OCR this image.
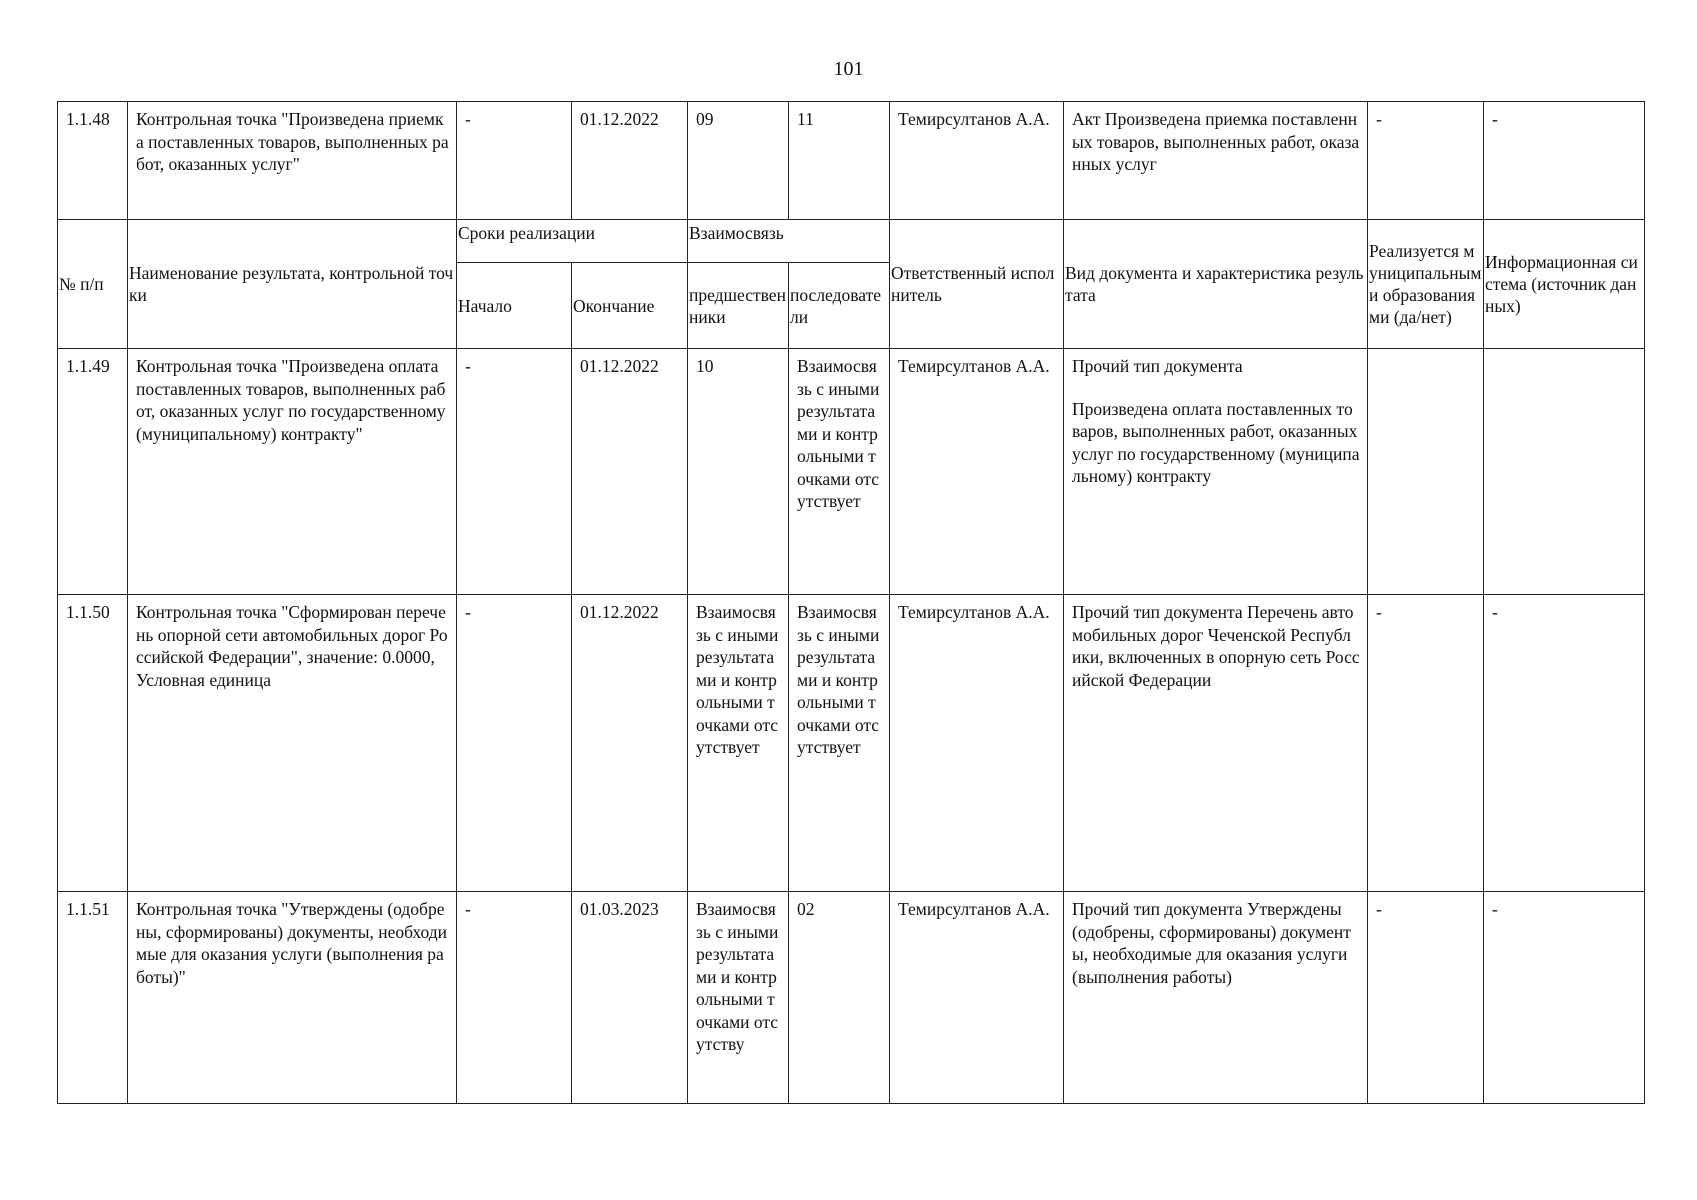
101
1.1.48	Контрольная точка "Произведена приемка поставленных товаров, выполненных работ, оказанных услуг"	-	01.12.2022	09	11	Темирсултанов А.А.	Акт Произведена приемка поставленных товаров, выполненных работ, оказанных услуг	-	-
№ п/п	Наименование результата, контрольной точки	Сроки реализации		Взаимосвязь		Ответственный исполнитель	Вид документа и характеристика результата	Реализуется муниципальными образованиями (да/нет)	Информационная система (источник данных)
		Начало	Окончание	предшественники	последователи				
1.1.49	Контрольная точка "Произведена оплата поставленных товаров, выполненных работ, оказанных услуг по государственному (муниципальному) контракту"	-	01.12.2022	10	Взаимосвязь с иными результатами и контрольными точками отсутствует	Темирсултанов А.А.	Прочий тип документа

Произведена оплата поставленных товаров, выполненных работ, оказанных услуг по государственному (муниципальному) контракту		

1.1.50	Контрольная точка "Сформирован перечень опорной сети автомобильных дорог Российской Федерации", значение: 0.0000, Условная единица	-	01.12.2022	Взаимосвязь с иными результатами и контрольными точками отсутствует	Взаимосвязь с иными результатами и контрольными точками отсутствует	Темирсултанов А.А.	Прочий тип документа Перечень автомобильных дорог Чеченской Республики, включенных в опорную сеть Российской Федерации	-	-
1.1.51	Контрольная точка "Утверждены (одобрены, сформированы) документы, необходимые для оказания услуги (выполнения работы)"	-	01.03.2023	Взаимосвязь с иными результатами и контрольными точками отсутству	02	Темирсултанов А.А.	Прочий тип документа Утверждены (одобрены, сформированы) документы, необходимые для оказания услуги (выполнения работы)	-	-
